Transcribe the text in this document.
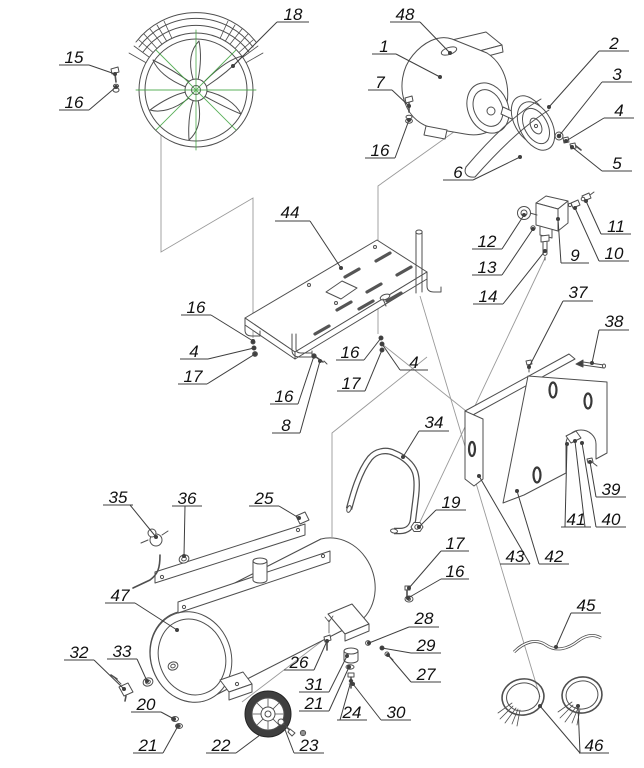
18
15
16
48
1	2
3
4
5
6
7
16
12
13
14
9 10
11
44
16
4
17
16
8
16
17
4
37
38
39
40
41
42
43
34
19
25
35	36
47
32 33
20
21	22	23
26
31
21 24 30
28
29
27
17
16
45
46
